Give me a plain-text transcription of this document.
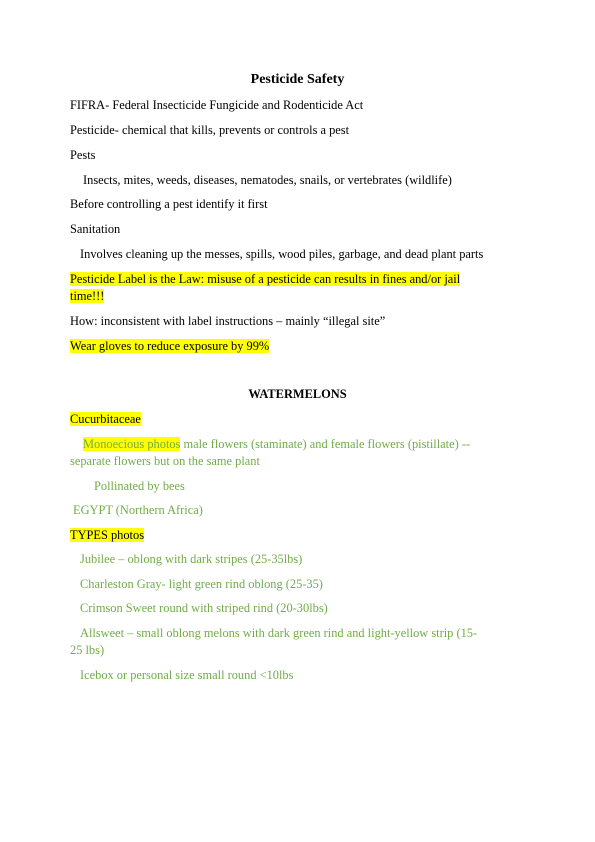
Pesticide Safety
FIFRA- Federal Insecticide Fungicide and Rodenticide Act
Pesticide- chemical that kills, prevents or controls a pest
Pests
Insects, mites, weeds, diseases, nematodes, snails, or vertebrates (wildlife)
Before controlling a pest identify it first
Sanitation
Involves cleaning up the messes, spills, wood piles, garbage, and dead plant parts
Pesticide Label is the Law: misuse of a pesticide can results in fines and/or jail
time!!!
How: inconsistent with label instructions – mainly “illegal site”
Wear gloves to reduce exposure by 99%
WATERMELONS
Cucurbitaceae
Monoecious photos male flowers (staminate) and female flowers (pistillate) --
separate flowers but on the same plant
Pollinated by bees
EGYPT (Northern Africa)
TYPES photos
Jubilee – oblong with dark stripes (25-35lbs)
Charleston Gray- light green rind oblong (25-35)
Crimson Sweet round with striped rind (20-30lbs)
Allsweet – small oblong melons with dark green rind and light-yellow strip (15-
25 lbs)
Icebox or personal size small round <10lbs
